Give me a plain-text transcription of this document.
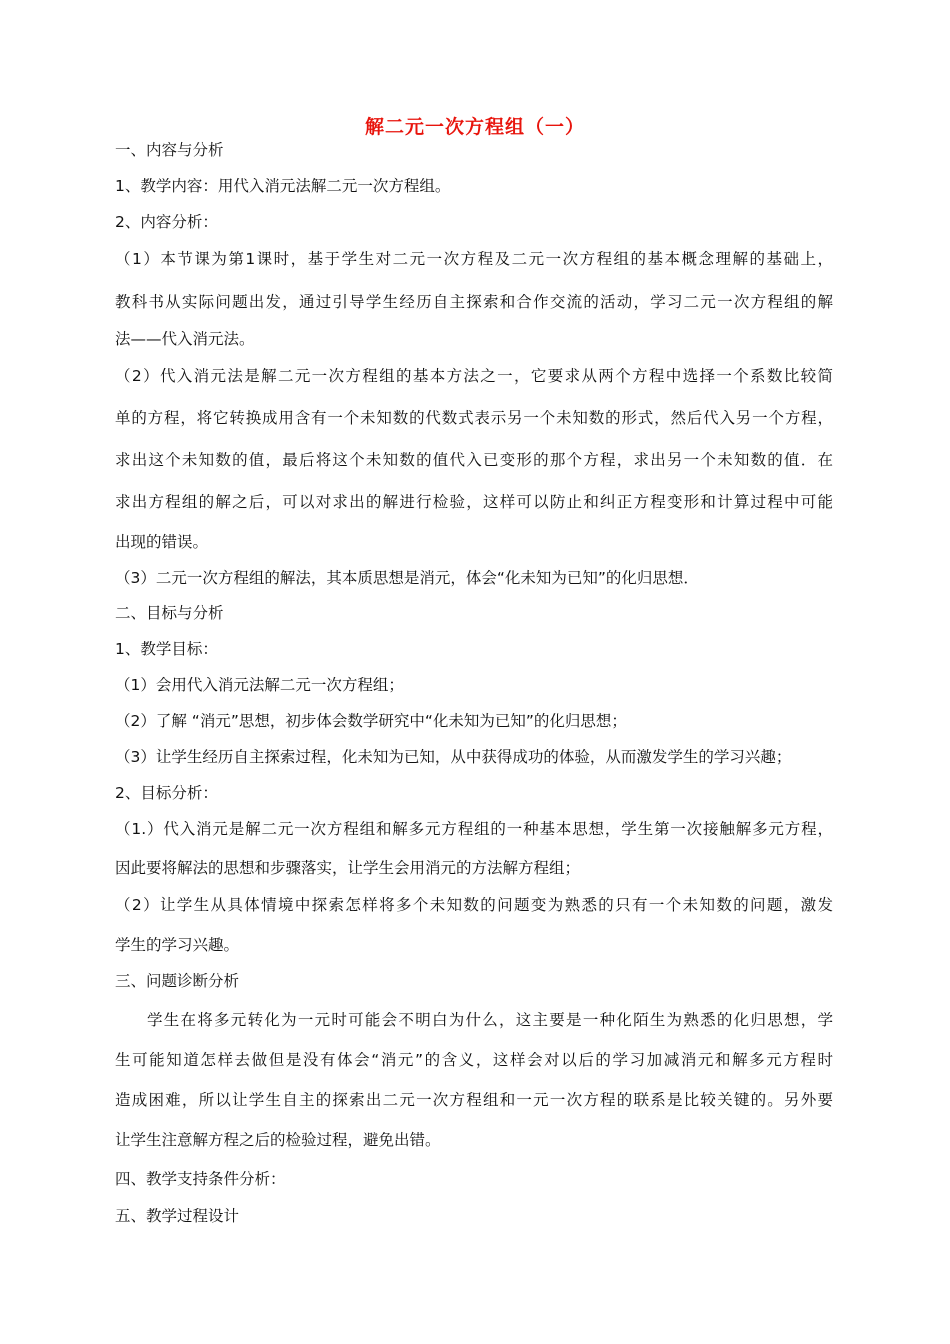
解二元一次方程组（一）

一、内容与分析

1、教学内容：用代入消元法解二元一次方程组。

2、内容分析：

（1）本节课为第1课时，基于学生对二元一次方程及二元一次方程组的基本概念理解的基础上，

教科书从实际问题出发，通过引导学生经历自主探索和合作交流的活动，学习二元一次方程组的解

法——代入消元法。

（2）代入消元法是解二元一次方程组的基本方法之一，它要求从两个方程中选择一个系数比较简

单的方程，将它转换成用含有一个未知数的代数式表示另一个未知数的形式，然后代入另一个方程，

求出这个未知数的值，最后将这个未知数的值代入已变形的那个方程，求出另一个未知数的值．在

求出方程组的解之后，可以对求出的解进行检验，这样可以防止和纠正方程变形和计算过程中可能

出现的错误。

（3）二元一次方程组的解法，其本质思想是消元，体会“化未知为已知”的化归思想．

二、目标与分析

1、教学目标：

（1）会用代入消元法解二元一次方程组；

（2）了解 “消元”思想，初步体会数学研究中“化未知为已知”的化归思想；

（3）让学生经历自主探索过程，化未知为已知，从中获得成功的体验，从而激发学生的学习兴趣；

2、目标分析：

（1.）代入消元是解二元一次方程组和解多元方程组的一种基本思想，学生第一次接触解多元方程，

因此要将解法的思想和步骤落实，让学生会用消元的方法解方程组；

（2）让学生从具体情境中探索怎样将多个未知数的问题变为熟悉的只有一个未知数的问题，激发

学生的学习兴趣。

三、问题诊断分析

学生在将多元转化为一元时可能会不明白为什么，这主要是一种化陌生为熟悉的化归思想，学

生可能知道怎样去做但是没有体会“消元”的含义，这样会对以后的学习加减消元和解多元方程时

造成困难，所以让学生自主的探索出二元一次方程组和一元一次方程的联系是比较关键的。另外要

让学生注意解方程之后的检验过程，避免出错。

四、教学支持条件分析：

五、教学过程设计
